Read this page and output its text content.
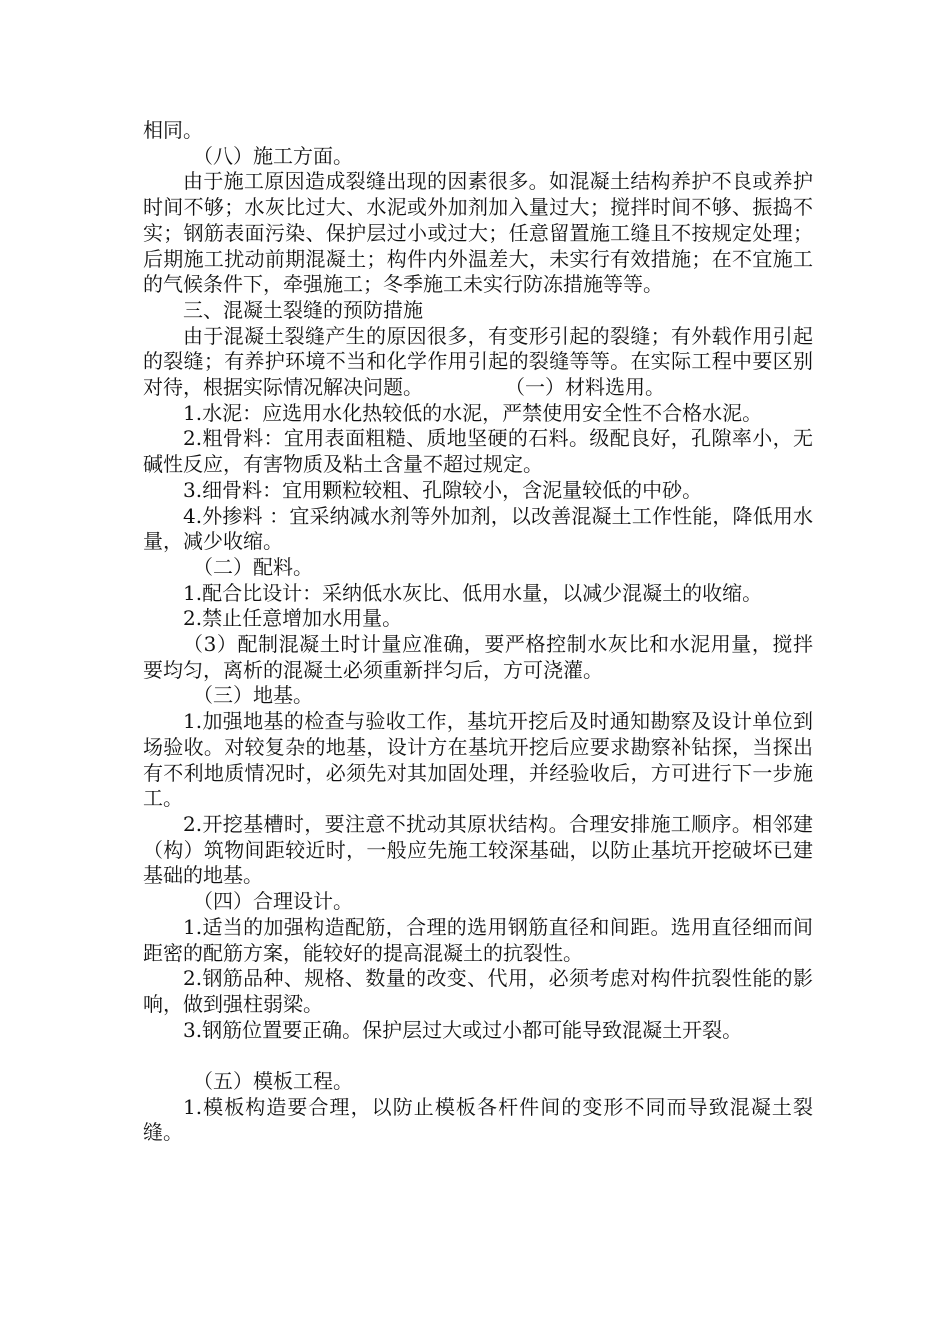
相同。

（八）施工方面。

由于施工原因造成裂缝出现的因素很多。如混凝土结构养护不良或养护时间不够；水灰比过大、水泥或外加剂加入量过大；搅拌时间不够、振捣不实；钢筋表面污染、保护层过小或过大；任意留置施工缝且不按规定处理；后期施工扰动前期混凝土；构件内外温差大，未实行有效措施；在不宜施工的气候条件下，牵强施工；冬季施工未实行防冻措施等等。

三、混凝土裂缝的预防措施

由于混凝土裂缝产生的原因很多，有变形引起的裂缝；有外载作用引起的裂缝；有养护环境不当和化学作用引起的裂缝等等。在实际工程中要区别对待，根据实际情况解决问题。	（一）材料选用。

1.水泥：应选用水化热较低的水泥，严禁使用安全性不合格水泥。

2.粗骨料：宜用表面粗糙、质地坚硬的石料。级配良好，孔隙率小，无碱性反应，有害物质及粘土含量不超过规定。

3.细骨料：宜用颗粒较粗、孔隙较小，含泥量较低的中砂。

4.外掺料 ：宜采纳减水剂等外加剂，以改善混凝土工作性能，降低用水量，减少收缩。

（二）配料。

1.配合比设计：采纳低水灰比、低用水量，以减少混凝土的收缩。

2.禁止任意增加水用量。

（3）配制混凝土时计量应准确，要严格控制水灰比和水泥用量，搅拌要均匀，离析的混凝土必须重新拌匀后，方可浇灌。

（三）地基。

1.加强地基的检查与验收工作，基坑开挖后及时通知勘察及设计单位到场验收。对较复杂的地基，设计方在基坑开挖后应要求勘察补钻探，当探出有不利地质情况时，必须先对其加固处理，并经验收后，方可进行下一步施工。

2.开挖基槽时，要注意不扰动其原状结构。合理安排施工顺序。相邻建（构）筑物间距较近时，一般应先施工较深基础，以防止基坑开挖破坏已建基础的地基。

（四）合理设计。

1.适当的加强构造配筋，合理的选用钢筋直径和间距。选用直径细而间距密的配筋方案，能较好的提高混凝土的抗裂性。

2.钢筋品种、规格、数量的改变、代用，必须考虑对构件抗裂性能的影响，做到强柱弱梁。

3.钢筋位置要正确。保护层过大或过小都可能导致混凝土开裂。

（五）模板工程。

1.模板构造要合理，以防止模板各杆件间的变形不同而导致混凝土裂缝。
